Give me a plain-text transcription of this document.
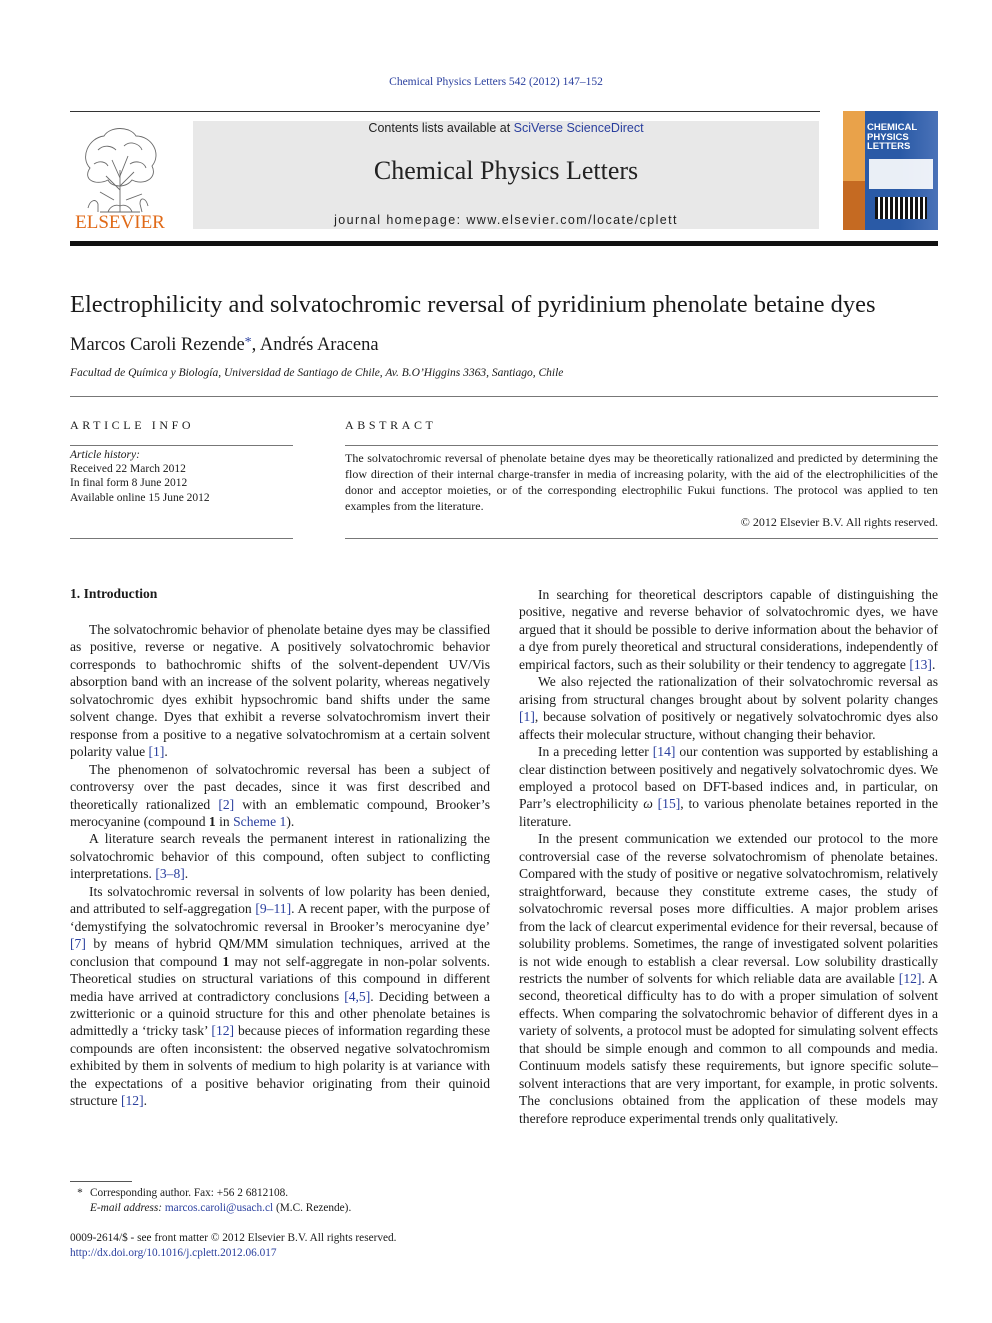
Chemical Physics Letters 542 (2012) 147–152
ELSEVIER
Contents lists available at SciVerse ScienceDirect
Chemical Physics Letters
journal homepage: www.elsevier.com/locate/cplett
CHEMICAL
PHYSICS
LETTERS
Electrophilicity and solvatochromic reversal of pyridinium phenolate betaine dyes
Marcos Caroli Rezende*, Andrés Aracena
Facultad de Química y Biología, Universidad de Santiago de Chile, Av. B.O’Higgins 3363, Santiago, Chile
ARTICLE INFO	ABSTRACT
Article history:
Received 22 March 2012
In final form 8 June 2012
Available online 15 June 2012
The solvatochromic reversal of phenolate betaine dyes may be theoretically rationalized and predicted by determining the flow direction of their internal charge-transfer in media of increasing polarity, with the aid of the electrophilicities of the donor and acceptor moieties, or of the corresponding electrophilic Fukui functions. The protocol was applied to ten examples from the literature.
© 2012 Elsevier B.V. All rights reserved.
1. Introduction

The solvatochromic behavior of phenolate betaine dyes may be classified as positive, reverse or negative. A positively solvatochromic behavior corresponds to bathochromic shifts of the solvent-dependent UV/Vis absorption band with an increase of the solvent polarity, whereas negatively solvatochromic dyes exhibit hypsochromic band shifts under the same solvent change. Dyes that exhibit a reverse solvatochromism invert their response from a positive to a negative solvatochromism at a certain solvent polarity value [1].

The phenomenon of solvatochromic reversal has been a subject of controversy over the past decades, since it was first described and theoretically rationalized [2] with an emblematic compound, Brooker’s merocyanine (compound 1 in Scheme 1).

A literature search reveals the permanent interest in rationalizing the solvatochromic behavior of this compound, often subject to conflicting interpretations. [3–8].

Its solvatochromic reversal in solvents of low polarity has been denied, and attributed to self-aggregation [9–11]. A recent paper, with the purpose of ‘demystifying the solvatochromic reversal in Brooker’s merocyanine dye’ [7] by means of hybrid QM/MM simulation techniques, arrived at the conclusion that compound 1 may not self-aggregate in non-polar solvents. Theoretical studies on structural variations of this compound in different media have arrived at contradictory conclusions [4,5]. Deciding between a zwitterionic or a quinoid structure for this and other phenolate betaines is admittedly a ‘tricky task’ [12] because pieces of information regarding these compounds are often inconsistent: the observed negative solvatochromism exhibited by them in solvents of medium to high polarity is at variance with the expectations of a positive behavior originating from their quinoid structure [12].

In searching for theoretical descriptors capable of distinguishing the positive, negative and reverse behavior of solvatochromic dyes, we have argued that it should be possible to derive information about the behavior of a dye from purely theoretical and structural considerations, independently of empirical factors, such as their solubility or their tendency to aggregate [13].

We also rejected the rationalization of their solvatochromic reversal as arising from structural changes brought about by solvent polarity changes [1], because solvation of positively or negatively solvatochromic dyes also affects their molecular structure, without changing their behavior.

In a preceding letter [14] our contention was supported by establishing a clear distinction between positively and negatively solvatochromic dyes. We employed a protocol based on DFT-based indices and, in particular, on Parr’s electrophilicity ω [15], to various phenolate betaines reported in the literature.

In the present communication we extended our protocol to the more controversial case of the reverse solvatochromism of phenolate betaines. Compared with the study of positive or negative solvatochromism, relatively straightforward, because they constitute extreme cases, the study of solvatochromic reversal poses more difficulties. A major problem arises from the lack of clearcut experimental evidence for their reversal, because of solubility problems. Sometimes, the range of investigated solvent polarities is not wide enough to establish a clear reversal. Low solubility drastically restricts the number of solvents for which reliable data are available [12]. A second, theoretical difficulty has to do with a proper simulation of solvent effects. When comparing the solvatochromic behavior of different dyes in a variety of solvents, a protocol must be adopted for simulating solvent effects that should be simple enough and common to all compounds and media. Continuum models satisfy these requirements, but ignore specific solute–solvent interactions that are very important, for example, in protic solvents. The conclusions obtained from the application of these models may therefore reproduce experimental trends only qualitatively.

* Corresponding author. Fax: +56 2 6812108.
E-mail address: marcos.caroli@usach.cl (M.C. Rezende).
0009-2614/$ - see front matter © 2012 Elsevier B.V. All rights reserved.
http://dx.doi.org/10.1016/j.cplett.2012.06.017
